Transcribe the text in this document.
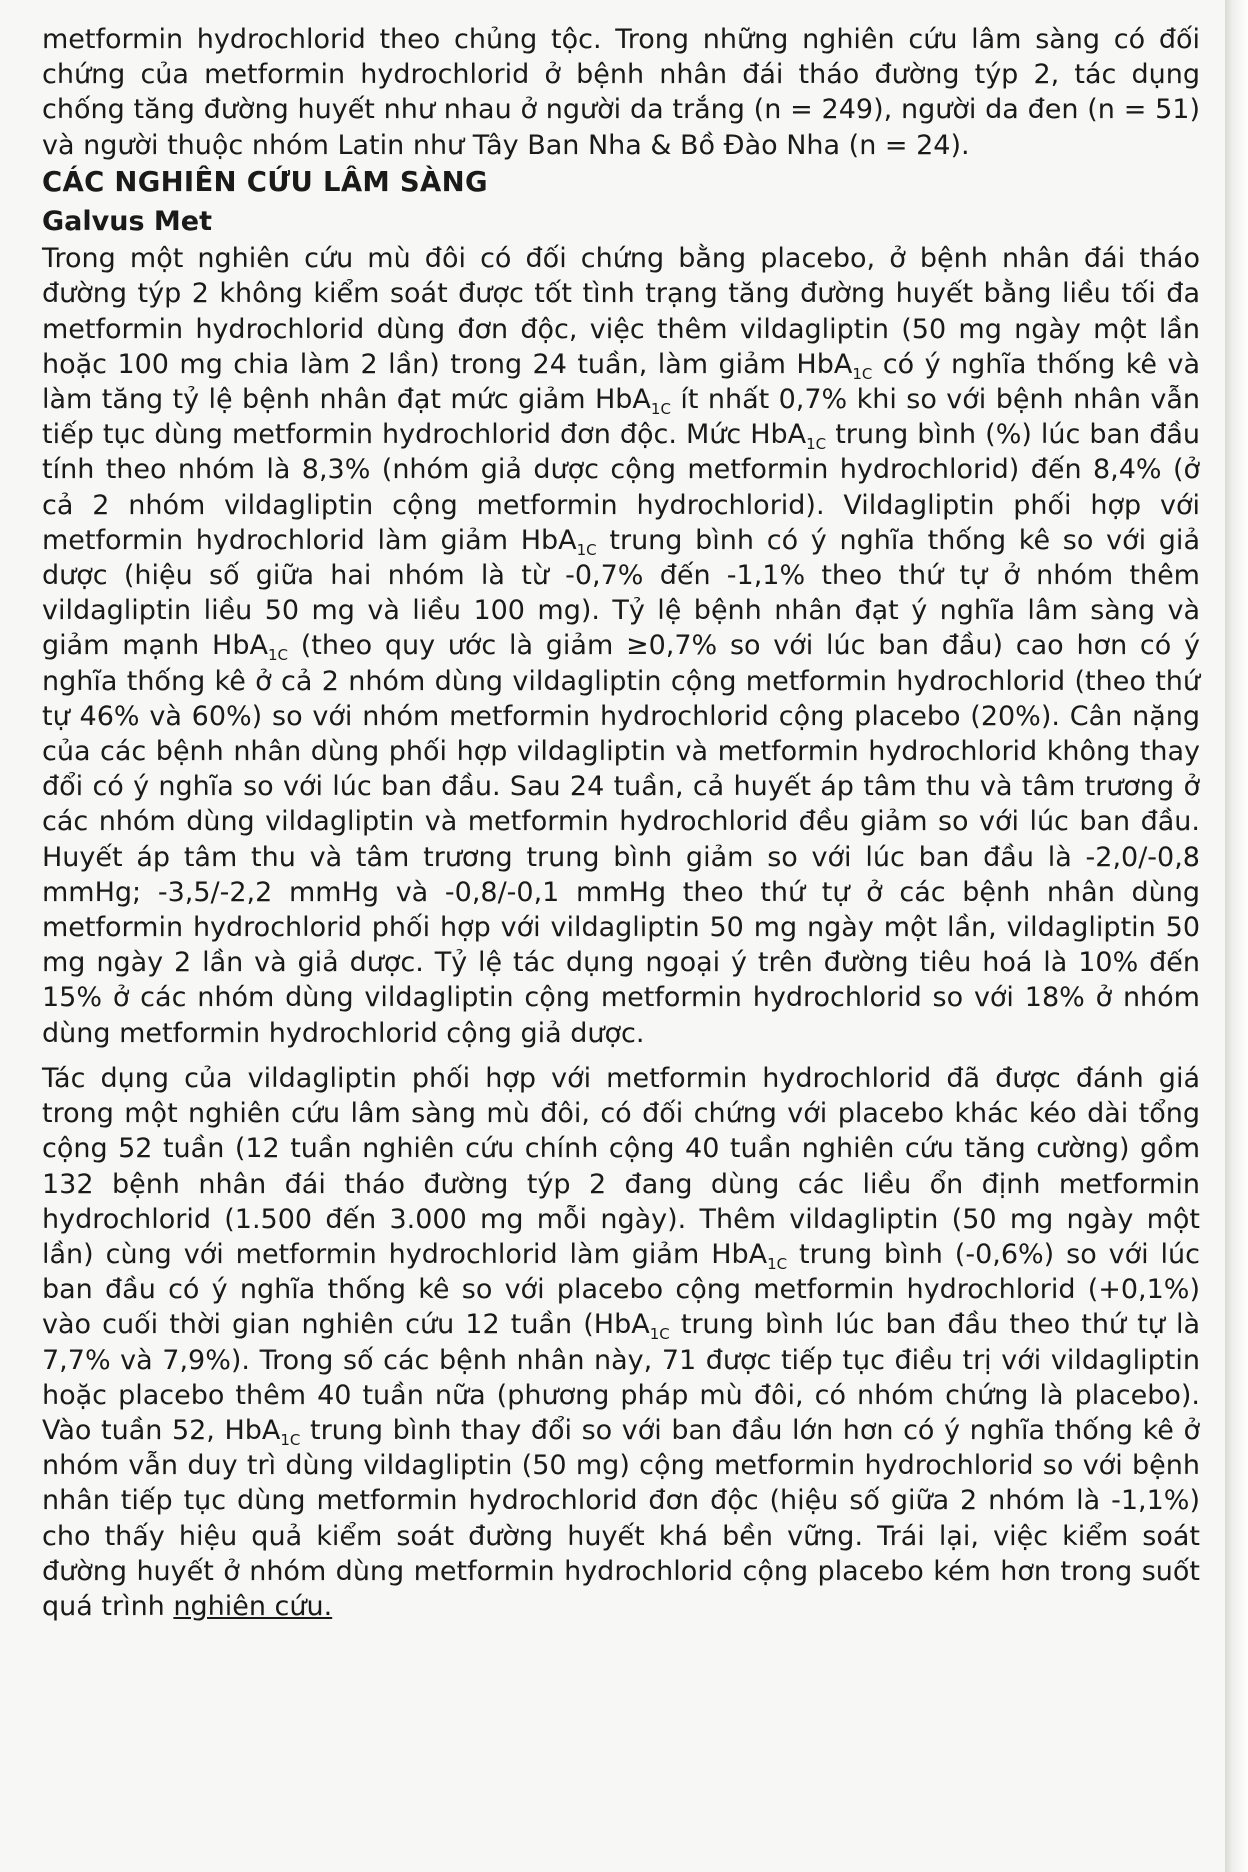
metformin hydrochlorid theo chủng tộc. Trong những nghiên cứu lâm sàng có đối chứng của metformin hydrochlorid ở bệnh nhân đái tháo đường týp 2, tác dụng chống tăng đường huyết như nhau ở người da trắng (n = 249), người da đen (n = 51) và người thuộc nhóm Latin như Tây Ban Nha & Bồ Đào Nha (n = 24).

CÁC NGHIÊN CỨU LÂM SÀNG
Galvus Met

Trong một nghiên cứu mù đôi có đối chứng bằng placebo, ở bệnh nhân đái tháo đường týp 2 không kiểm soát được tốt tình trạng tăng đường huyết bằng liều tối đa metformin hydrochlorid dùng đơn độc, việc thêm vildagliptin (50 mg ngày một lần hoặc 100 mg chia làm 2 lần) trong 24 tuần, làm giảm HbA$_{1C}$ có ý nghĩa thống kê và làm tăng tỷ lệ bệnh nhân đạt mức giảm HbA$_{1C}$ ít nhất 0,7% khi so với bệnh nhân vẫn tiếp tục dùng metformin hydrochlorid đơn độc. Mức HbA$_{1C}$ trung bình (%) lúc ban đầu tính theo nhóm là 8,3% (nhóm giả dược cộng metformin hydrochlorid) đến 8,4% (ở cả 2 nhóm vildagliptin cộng metformin hydrochlorid). Vildagliptin phối hợp với metformin hydrochlorid làm giảm HbA$_{1C}$ trung bình có ý nghĩa thống kê so với giả dược (hiệu số giữa hai nhóm là từ -0,7% đến -1,1% theo thứ tự ở nhóm thêm vildagliptin liều 50 mg và liều 100 mg). Tỷ lệ bệnh nhân đạt ý nghĩa lâm sàng và giảm mạnh HbA$_{1C}$ (theo quy ước là giảm ≥0,7% so với lúc ban đầu) cao hơn có ý nghĩa thống kê ở cả 2 nhóm dùng vildagliptin cộng metformin hydrochlorid (theo thứ tự 46% và 60%) so với nhóm metformin hydrochlorid cộng placebo (20%). Cân nặng của các bệnh nhân dùng phối hợp vildagliptin và metformin hydrochlorid không thay đổi có ý nghĩa so với lúc ban đầu. Sau 24 tuần, cả huyết áp tâm thu và tâm trương ở các nhóm dùng vildagliptin và metformin hydrochlorid đều giảm so với lúc ban đầu. Huyết áp tâm thu và tâm trương trung bình giảm so với lúc ban đầu là -2,0/-0,8 mmHg; -3,5/-2,2 mmHg và -0,8/-0,1 mmHg theo thứ tự ở các bệnh nhân dùng metformin hydrochlorid phối hợp với vildagliptin 50 mg ngày một lần, vildagliptin 50 mg ngày 2 lần và giả dược. Tỷ lệ tác dụng ngoại ý trên đường tiêu hoá là 10% đến 15% ở các nhóm dùng vildagliptin cộng metformin hydrochlorid so với 18% ở nhóm dùng metformin hydrochlorid cộng giả dược.

Tác dụng của vildagliptin phối hợp với metformin hydrochlorid đã được đánh giá trong một nghiên cứu lâm sàng mù đôi, có đối chứng với placebo khác kéo dài tổng cộng 52 tuần (12 tuần nghiên cứu chính cộng 40 tuần nghiên cứu tăng cường) gồm 132 bệnh nhân đái tháo đường týp 2 đang dùng các liều ổn định metformin hydrochlorid (1.500 đến 3.000 mg mỗi ngày). Thêm vildagliptin (50 mg ngày một lần) cùng với metformin hydrochlorid làm giảm HbA$_{1C}$ trung bình (-0,6%) so với lúc ban đầu có ý nghĩa thống kê so với placebo cộng metformin hydrochlorid (+0,1%) vào cuối thời gian nghiên cứu 12 tuần (HbA$_{1C}$ trung bình lúc ban đầu theo thứ tự là 7,7% và 7,9%). Trong số các bệnh nhân này, 71 được tiếp tục điều trị với vildagliptin hoặc placebo thêm 40 tuần nữa (phương pháp mù đôi, có nhóm chứng là placebo). Vào tuần 52, HbA$_{1C}$ trung bình thay đổi so với ban đầu lớn hơn có ý nghĩa thống kê ở nhóm vẫn duy trì dùng vildagliptin (50 mg) cộng metformin hydrochlorid so với bệnh nhân tiếp tục dùng metformin hydrochlorid đơn độc (hiệu số giữa 2 nhóm là -1,1%) cho thấy hiệu quả kiểm soát đường huyết khá bền vững. Trái lại, việc kiểm soát đường huyết ở nhóm dùng metformin hydrochlorid cộng placebo kém hơn trong suốt quá trình nghiên cứu.
